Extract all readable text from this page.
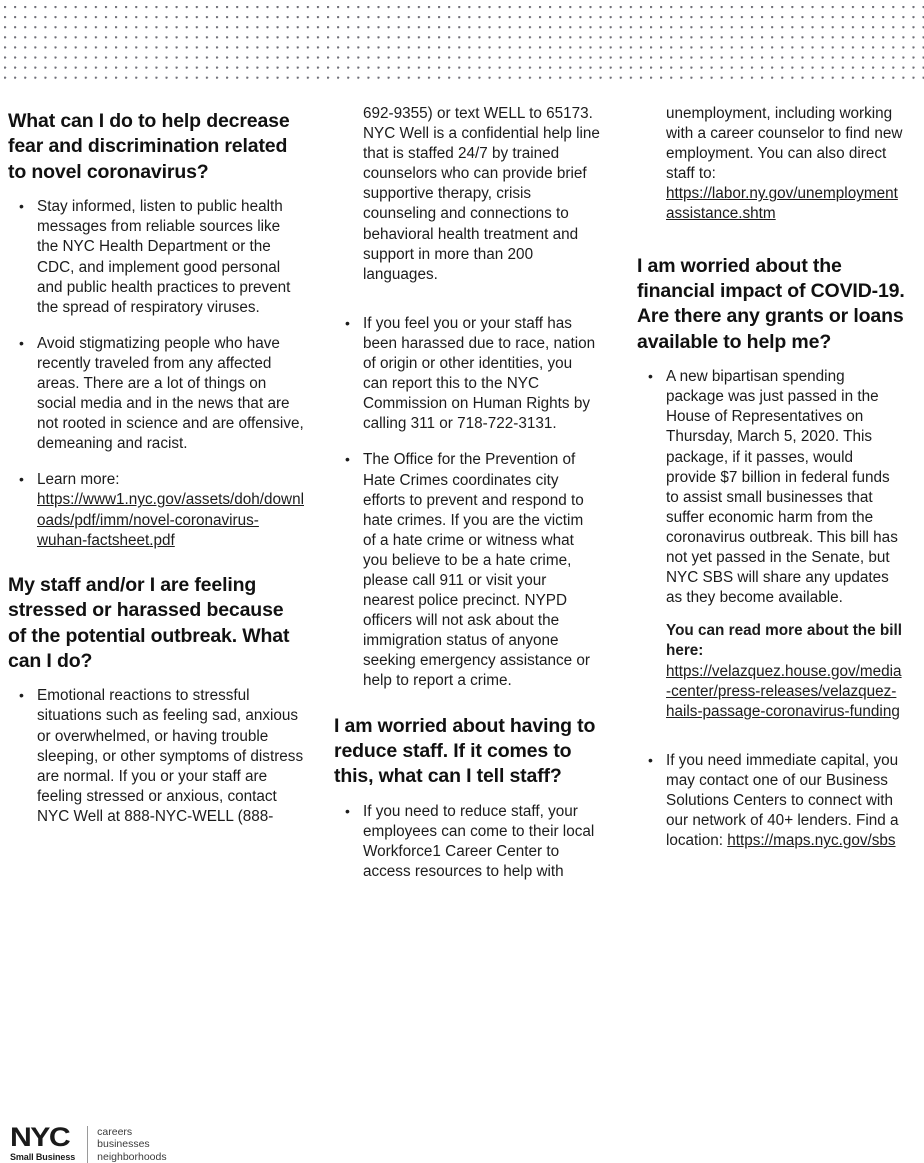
What can I do to help decrease fear and discrimination related to novel coronavirus?
• Stay informed, listen to public health messages from reliable sources like the NYC Health Department or the CDC, and implement good personal and public health practices to prevent the spread of respiratory viruses.
• Avoid stigmatizing people who have recently traveled from any affected areas. There are a lot of things on social media and in the news that are not rooted in science and are offensive, demeaning and racist.
• Learn more: https://www1.nyc.gov/assets/doh/downloads/pdf/imm/novel-coronavirus-wuhan-factsheet.pdf
My staff and/or I are feeling stressed or harassed because of the potential outbreak. What can I do?
• Emotional reactions to stressful situations such as feeling sad, anxious or overwhelmed, or having trouble sleeping, or other symptoms of distress are normal. If you or your staff are feeling stressed or anxious, contact NYC Well at 888-NYC-WELL (888-

692-9355) or text WELL to 65173. NYC Well is a confidential help line that is staffed 24/7 by trained counselors who can provide brief supportive therapy, crisis counseling and connections to behavioral health treatment and support in more than 200 languages.

• If you feel you or your staff has been harassed due to race, nation of origin or other identities, you can report this to the NYC Commission on Human Rights by calling 311 or 718-722-3131.
• The Office for the Prevention of Hate Crimes coordinates city efforts to prevent and respond to hate crimes. If you are the victim of a hate crime or witness what you believe to be a hate crime, please call 911 or visit your nearest police precinct. NYPD officers will not ask about the immigration status of anyone seeking emergency assistance or help to report a crime.
I am worried about having to reduce staff. If it comes to this, what can I tell staff?
• If you need to reduce staff, your employees can come to their local Workforce1 Career Center to access resources to help with

unemployment, including working with a career counselor to find new employment. You can also direct staff to: https://labor.ny.gov/unemploymentassistance.shtm

I am worried about the financial impact of COVID-19. Are there any grants or loans available to help me?
• A new bipartisan spending package was just passed in the House of Representatives on Thursday, March 5, 2020. This package, if it passes, would provide $7 billion in federal funds to assist small businesses that suffer economic harm from the coronavirus outbreak. This bill has not yet passed in the Senate, but NYC SBS will share any updates as they become available.

You can read more about the bill here: https://velazquez.house.gov/media-center/press-releases/velazquez-hails-passage-coronavirus-funding

• If you need immediate capital, you may contact one of our Business Solutions Centers to connect with our network of 40+ lenders. Find a location: https://maps.nyc.gov/sbs
NYC
Small Business
careers
businesses
neighborhoods
